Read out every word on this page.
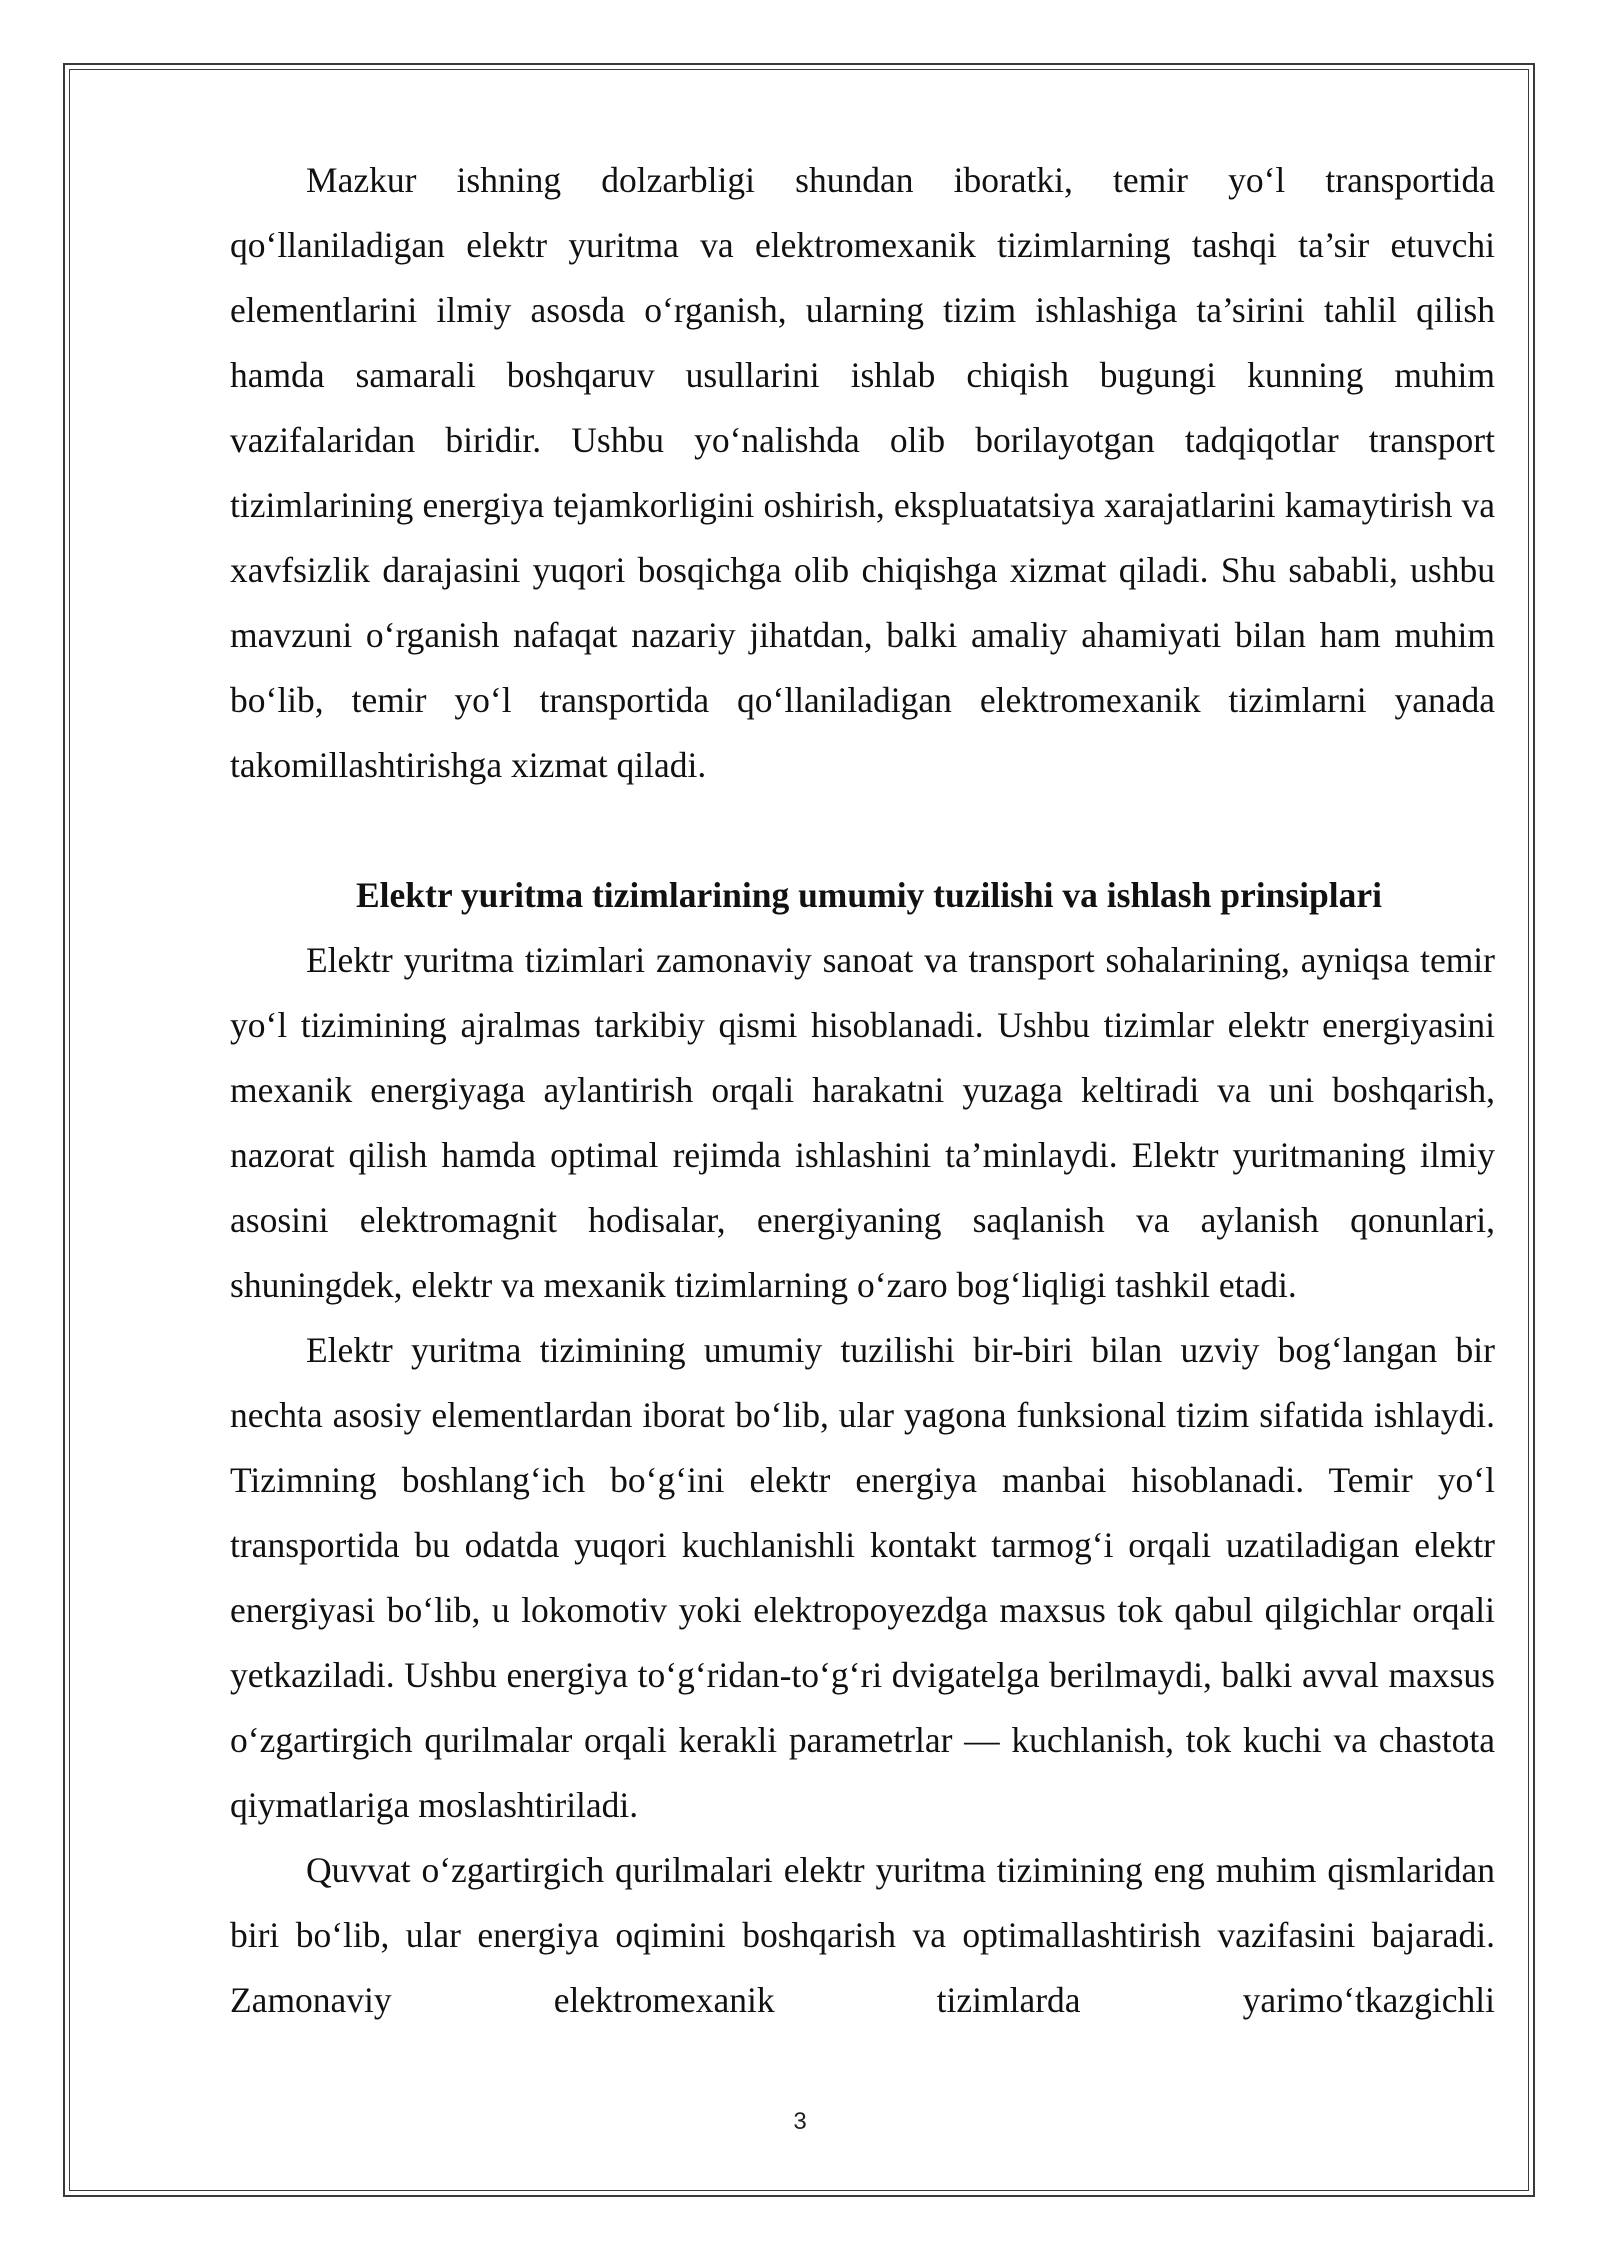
Mazkur ishning dolzarbligi shundan iboratki, temir yo‘l transportida qo‘llaniladigan elektr yuritma va elektromexanik tizimlarning tashqi ta’sir etuvchi elementlarini ilmiy asosda o‘rganish, ularning tizim ishlashiga ta’sirini tahlil qilish hamda samarali boshqaruv usullarini ishlab chiqish bugungi kunning muhim vazifalaridan biridir. Ushbu yo‘nalishda olib borilayotgan tadqiqotlar transport tizimlarining energiya tejamkorligini oshirish, ekspluatatsiya xarajatlarini kamaytirish va xavfsizlik darajasini yuqori bosqichga olib chiqishga xizmat qiladi. Shu sababli, ushbu mavzuni o‘rganish nafaqat nazariy jihatdan, balki amaliy ahamiyati bilan ham muhim bo‘lib, temir yo‘l transportida qo‘llaniladigan elektromexanik tizimlarni yanada takomillashtirishga xizmat qiladi.

Elektr yuritma tizimlarining umumiy tuzilishi va ishlash prinsiplari

Elektr yuritma tizimlari zamonaviy sanoat va transport sohalarining, ayniqsa temir yo‘l tizimining ajralmas tarkibiy qismi hisoblanadi. Ushbu tizimlar elektr energiyasini mexanik energiyaga aylantirish orqali harakatni yuzaga keltiradi va uni boshqarish, nazorat qilish hamda optimal rejimda ishlashini ta’minlaydi. Elektr yuritmaning ilmiy asosini elektromagnit hodisalar, energiyaning saqlanish va aylanish qonunlari, shuningdek, elektr va mexanik tizimlarning o‘zaro bog‘liqligi tashkil etadi.

Elektr yuritma tizimining umumiy tuzilishi bir-biri bilan uzviy bog‘langan bir nechta asosiy elementlardan iborat bo‘lib, ular yagona funksional tizim sifatida ishlaydi. Tizimning boshlang‘ich bo‘g‘ini elektr energiya manbai hisoblanadi. Temir yo‘l transportida bu odatda yuqori kuchlanishli kontakt tarmog‘i orqali uzatiladigan elektr energiyasi bo‘lib, u lokomotiv yoki elektropoyezdga maxsus tok qabul qilgichlar orqali yetkaziladi. Ushbu energiya to‘g‘ridan-to‘g‘ri dvigatelga berilmaydi, balki avval maxsus o‘zgartirgich qurilmalar orqali kerakli parametrlar — kuchlanish, tok kuchi va chastota qiymatlariga moslashtiriladi.

Quvvat o‘zgartirgich qurilmalari elektr yuritma tizimining eng muhim qismlaridan biri bo‘lib, ular energiya oqimini boshqarish va optimallashtirish vazifasini bajaradi. Zamonaviy elektromexanik tizimlarda yarimo‘tkazgichli

3
